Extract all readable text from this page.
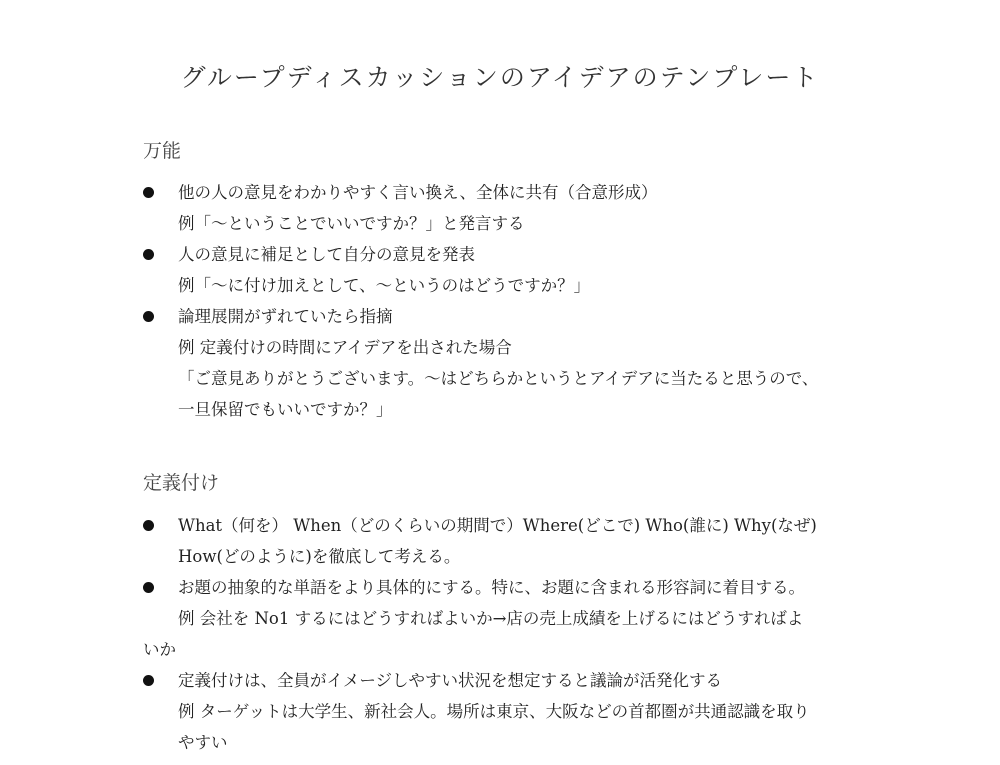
グループディスカッションのアイデアのテンプレート
万能
他の人の意見をわかりやすく言い換え、全体に共有（合意形成）
例「～ということでいいですか？」と発言する
人の意見に補足として自分の意見を発表
例「～に付け加えとして、～というのはどうですか？」
論理展開がずれていたら指摘
例 定義付けの時間にアイデアを出された場合
「ご意見ありがとうございます。～はどちらかというとアイデアに当たると思うので、
一旦保留でもいいですか？」
定義付け
What（何を） When（どのくらいの期間で）Where(どこで) Who(誰に) Why(なぜ)
How(どのように)を徹底して考える。
お題の抽象的な単語をより具体的にする。特に、お題に含まれる形容詞に着目する。
例 会社を No1 するにはどうすればよいか→店の売上成績を上げるにはどうすればよ
いか
定義付けは、全員がイメージしやすい状況を想定すると議論が活発化する
例 ターゲットは大学生、新社会人。場所は東京、大阪などの首都圏が共通認識を取り
やすい
